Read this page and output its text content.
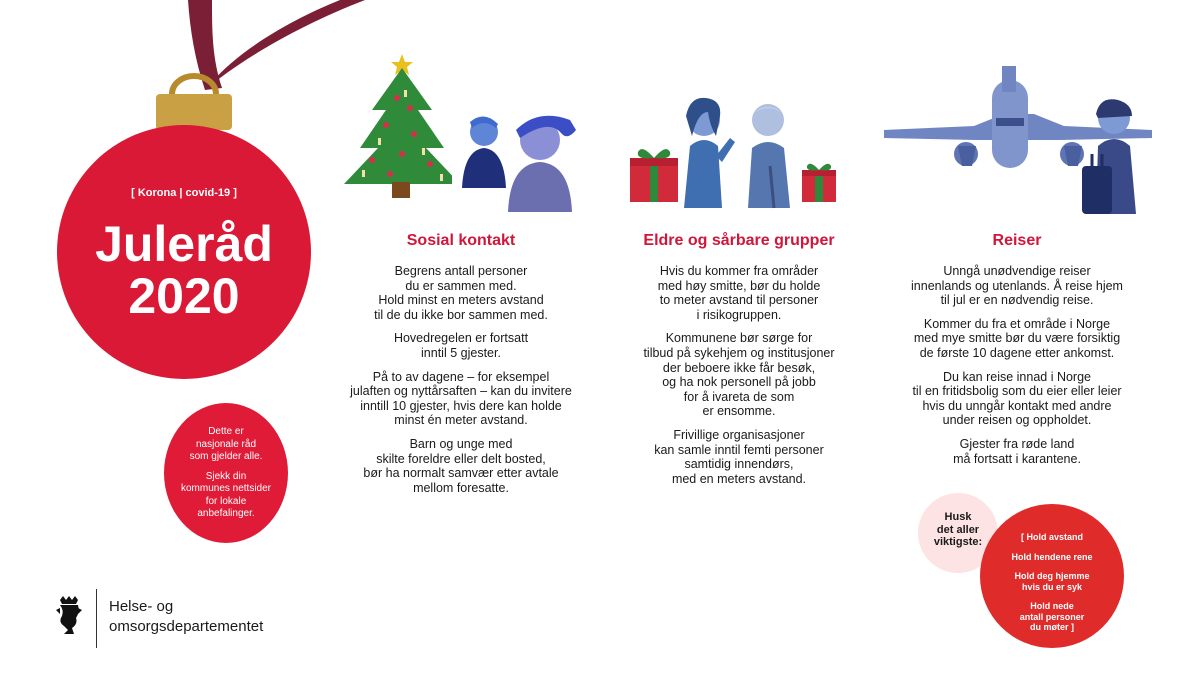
[ Korona | covid-19 ]
Juleråd
2020

Dette er

nasjonale råd

som gjelder alle.

Sjekk din

kommunes nettsider

for lokale

anbefalinger.

Sosial kontakt

Begrens antall personer
du er sammen med.
Hold minst en meters avstand
til de du ikke bor sammen med.

Hovedregelen er fortsatt
inntil 5 gjester.

På to av dagene – for eksempel
julaften og nyttårsaften – kan du invitere
inntill 10 gjester, hvis dere kan holde
minst én meter avstand.

Barn og unge med
skilte foreldre eller delt bosted,
bør ha normalt samvær etter avtale
mellom foresatte.

Eldre og sårbare grupper

Hvis du kommer fra områder
med høy smitte, bør du holde
to meter avstand til personer
i risikogruppen.

Kommunene bør sørge for
tilbud på sykehjem og institusjoner
der beboere ikke får besøk,
og ha nok personell på jobb
for å ivareta de som
er ensomme.

Frivillige organisasjoner
kan samle inntil femti personer
samtidig innendørs,
med en meters avstand.

Reiser

Unngå unødvendige reiser
innenlands og utenlands. Å reise hjem
til jul er en nødvendig reise.

Kommer du fra et område i Norge
med mye smitte bør du være forsiktig
de første 10 dagene etter ankomst.

Du kan reise innad i Norge
til en fritidsbolig som du eier eller leier
hvis du unngår kontakt med andre
under reisen og oppholdet.

Gjester fra røde land
må fortsatt i karantene.

Husk
det aller
viktigste:	[ Hold avstand
Hold hendene rene
Hold deg hjemme
hvis du er syk
Hold nede
antall personer
du møter ]
Helse- og
omsorgsdepartementet
